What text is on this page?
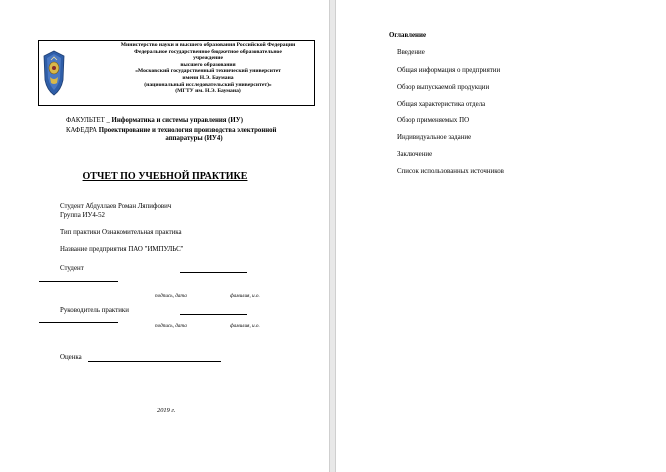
Министерство науки и высшего образования Российской Федерации
Федеральное государственное бюджетное образовательное
учреждение
высшего образования
«Московский государственный технический университет
имени Н.Э. Баумана
(национальный исследовательский университет)»
(МГТУ им. Н.Э. Баумана)
ФАКУЛЬТЕТ _ Информатика и системы управления (ИУ)
КАФЕДРА Проектирование и технология производства электронной
аппаратуры (ИУ4)
ОТЧЕТ ПО УЧЕБНОЙ ПРАКТИКЕ
Студент Абдуллаев Роман Ляпифович
Группа ИУ4-52
Тип практики Ознакомительная практика
Название предприятия ПАО "ИМПУЛЬС"
Студент
подпись, дата	фамилия, и.о.
Руководитель практики
подпись, дата	фамилия, и.о.
Оценка
2019 г.
Оглавление
Введение
Общая информация о предприятии
Обзор выпускаемой продукции
Общая характеристика отдела
Обзор применяемых ПО
Индивидуальное задание
Заключение
Список использованных источников
